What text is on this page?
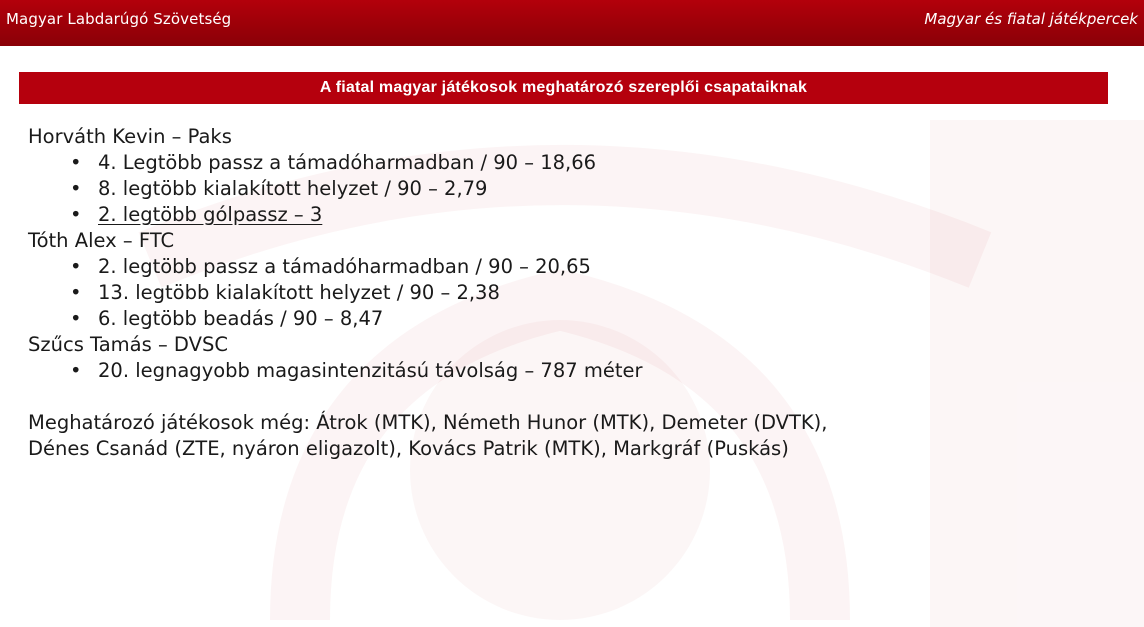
Magyar Labdarúgó Szövetség	Magyar és fiatal játékpercek
A fiatal magyar játékosok meghatározó szereplői csapataiknak

Horváth Kevin – Paks

• 4. Legtöbb passz a támadóharmadban / 90 – 18,66
• 8. legtöbb kialakított helyzet / 90 – 2,79
• 2. legtöbb gólpassz – 3

Tóth Alex – FTC

• 2. legtöbb passz a támadóharmadban / 90 – 20,65
• 13. legtöbb kialakított helyzet / 90 – 2,38
• 6. legtöbb beadás / 90 – 8,47

Szűcs Tamás – DVSC

• 20. legnagyobb magasintenzitású távolság – 787 méter

Meghatározó játékosok még: Átrok (MTK), Németh Hunor (MTK), Demeter (DVTK),

Dénes Csanád (ZTE, nyáron eligazolt), Kovács Patrik (MTK), Markgráf (Puskás)
